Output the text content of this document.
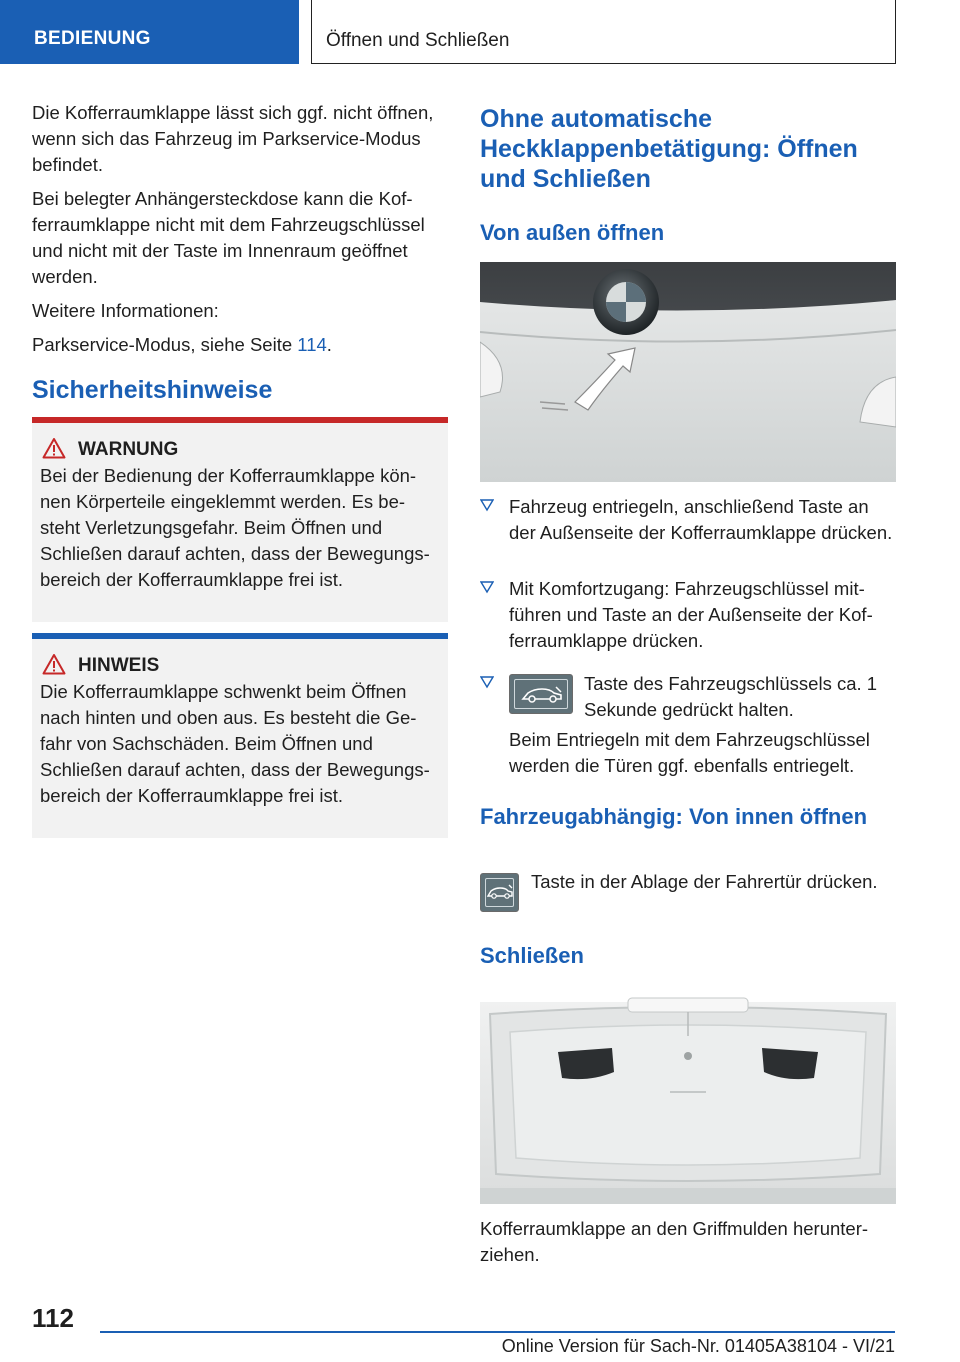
BEDIENUNG	Öffnen und Schließen

Die Kofferraumklappe lässt sich ggf. nicht öffnen, wenn sich das Fahrzeug im Parkservice-Modus befindet.

Bei belegter Anhängersteckdose kann die Kofferraumklappe nicht mit dem Fahrzeugschlüssel und nicht mit der Taste im Innenraum geöffnet werden.

Weitere Informationen:

Parkservice-Modus, siehe Seite 114.

Sicherheitshinweise
WARNUNG

Bei der Bedienung der Kofferraumklappe können Körperteile eingeklemmt werden. Es besteht Verletzungsgefahr. Beim Öffnen und Schließen darauf achten, dass der Bewegungsbereich der Kofferraumklappe frei ist.

HINWEIS

Die Kofferraumklappe schwenkt beim Öffnen nach hinten und oben aus. Es besteht die Gefahr von Sachschäden. Beim Öffnen und Schließen darauf achten, dass der Bewegungsbereich der Kofferraumklappe frei ist.

Ohne automatische Heckklappenbetätigung: Öffnen und Schließen
Von außen öffnen

Fahrzeug entriegeln, anschließend Taste an der Außenseite der Kofferraumklappe drücken.

Mit Komfortzugang: Fahrzeugschlüssel mitführen und Taste an der Außenseite der Kofferraumklappe drücken.

Taste des Fahrzeugschlüssels ca. 1 Sekunde gedrückt halten.

Beim Entriegeln mit dem Fahrzeugschlüssel werden die Türen ggf. ebenfalls entriegelt.

Fahrzeugabhängig: Von innen öffnen

Taste in der Ablage der Fahrertür drücken.

Schließen

Kofferraumklappe an den Griffmulden herunterziehen.

112
Online Version für Sach-Nr. 01405A38104 - VI/21
